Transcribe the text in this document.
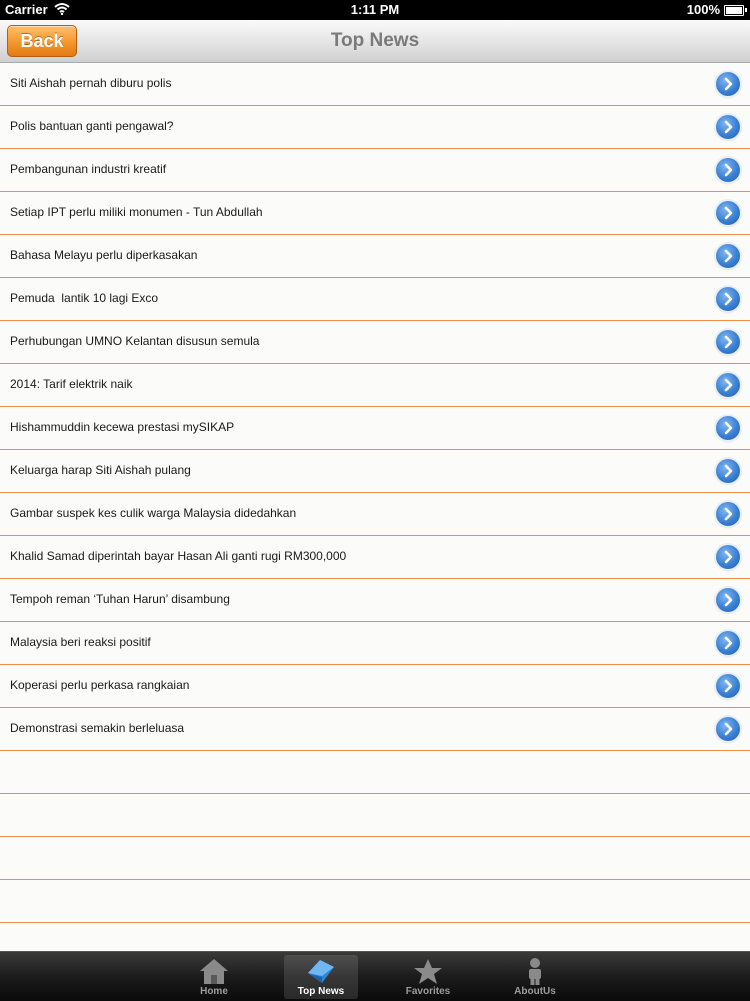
Carrier	1:11 PM	100%
Back	Top News
Siti Aishah pernah diburu polis
Polis bantuan ganti pengawal?
Pembangunan industri kreatif
Setiap IPT perlu miliki monumen - Tun Abdullah
Bahasa Melayu perlu diperkasakan
Pemuda  lantik 10 lagi Exco
Perhubungan UMNO Kelantan disusun semula
2014: Tarif elektrik naik
Hishammuddin kecewa prestasi mySIKAP
Keluarga harap Siti Aishah pulang
Gambar suspek kes culik warga Malaysia didedahkan
Khalid Samad diperintah bayar Hasan Ali ganti rugi RM300,000
Tempoh reman ‘Tuhan Harun’ disambung
Malaysia beri reaksi positif
Koperasi perlu perkasa rangkaian
Demonstrasi semakin berleluasa
Home	Top News	Favorites	AboutUs
